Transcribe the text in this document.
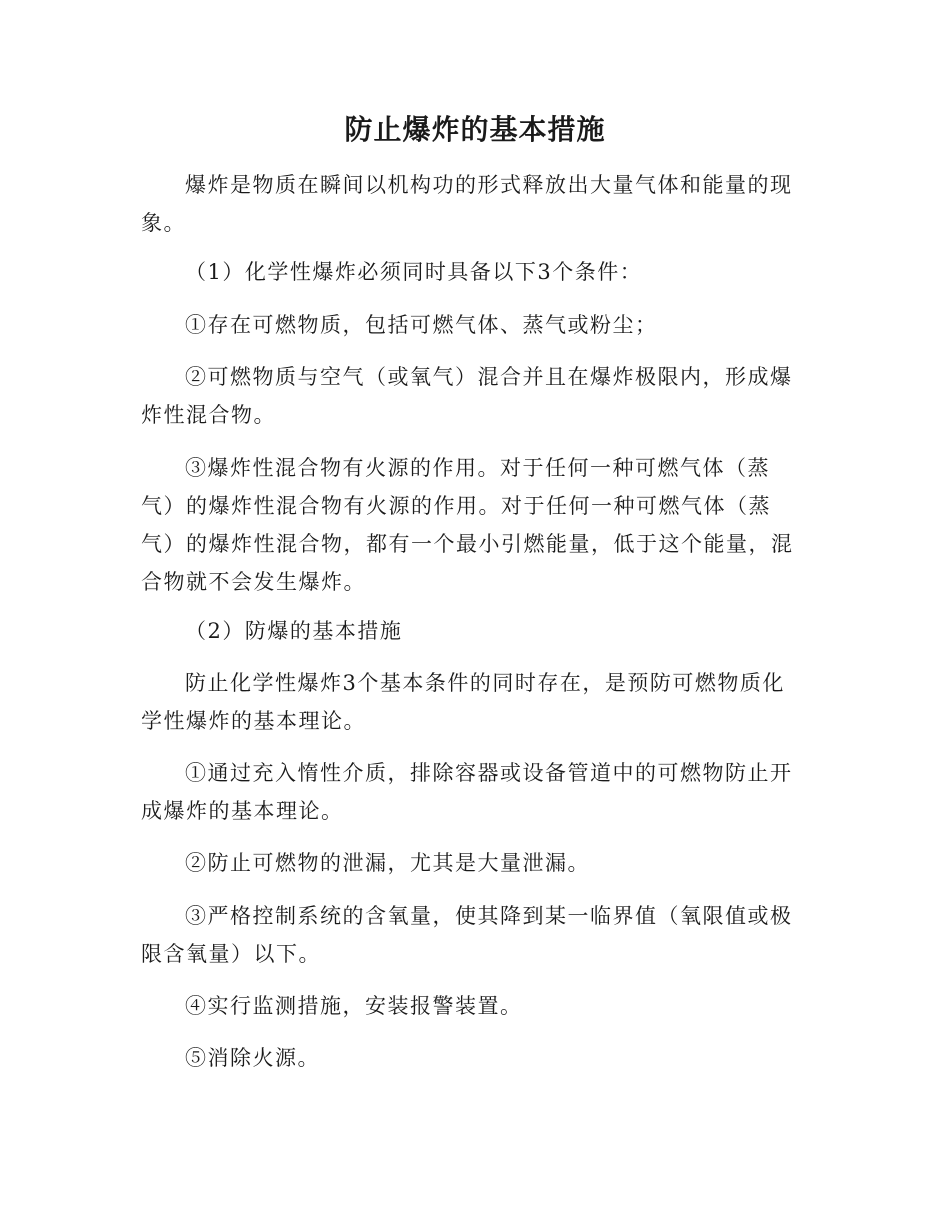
防止爆炸的基本措施

爆炸是物质在瞬间以机构功的形式释放出大量气体和能量的现象。

（1）化学性爆炸必须同时具备以下3个条件：

①存在可燃物质，包括可燃气体、蒸气或粉尘；

②可燃物质与空气（或氧气）混合并且在爆炸极限内，形成爆炸性混合物。

③爆炸性混合物有火源的作用。对于任何一种可燃气体（蒸气）的爆炸性混合物有火源的作用。对于任何一种可燃气体（蒸气）的爆炸性混合物，都有一个最小引燃能量，低于这个能量，混合物就不会发生爆炸。

（2）防爆的基本措施

防止化学性爆炸3个基本条件的同时存在，是预防可燃物质化学性爆炸的基本理论。

①通过充入惰性介质，排除容器或设备管道中的可燃物防止开成爆炸的基本理论。

②防止可燃物的泄漏，尤其是大量泄漏。

③严格控制系统的含氧量，使其降到某一临界值（氧限值或极限含氧量）以下。

④实行监测措施，安装报警装置。

⑤消除火源。
